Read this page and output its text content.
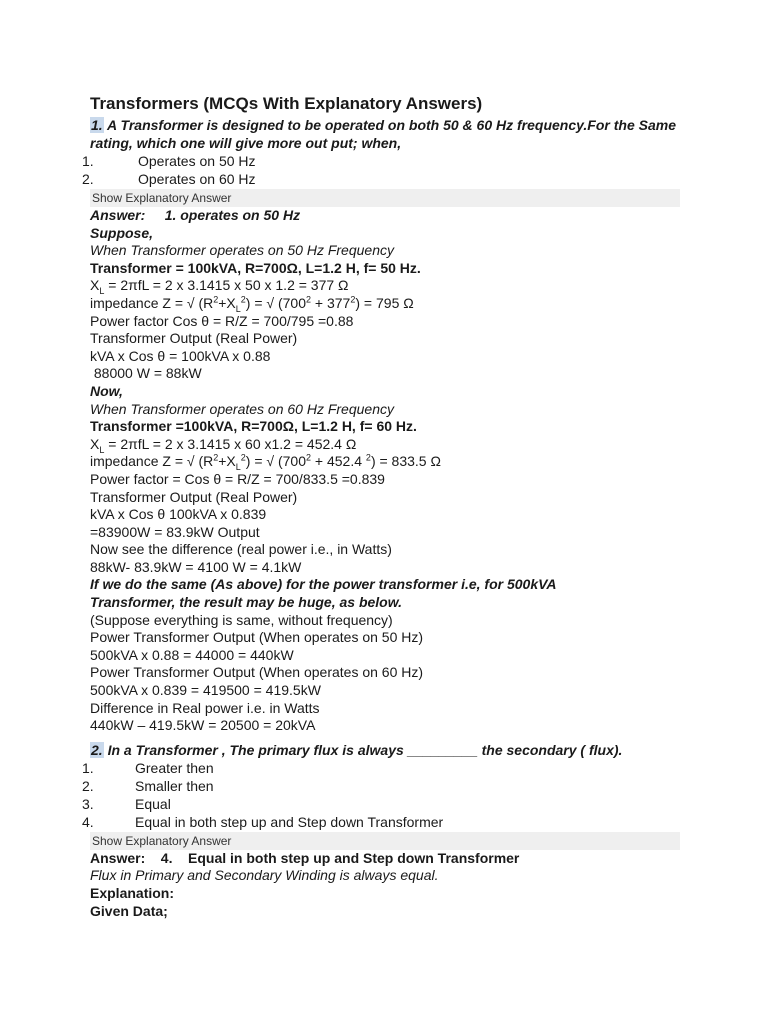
Transformers (MCQs With Explanatory Answers)
1. A Transformer is designed to be operated on both 50 & 60 Hz frequency.For the Same rating, which one will give more out put; when,
1.	Operates on 50 Hz
2.	Operates on 60 Hz
Show Explanatory Answer
Answer: 1. operates on 50 Hz
Suppose,
When Transformer operates on 50 Hz Frequency
Transformer = 100kVA, R=700Ω, L=1.2 H, f= 50 Hz.
$X_L = 2\pi fL = 2$ x 3.1415 x 50 x 1.2 = 377 Ω
impedance Z = √ $(R^2+X_L^2)$ = √ $(700^2 + 377^2) = 795$ Ω
Power factor Cos θ = R/Z = 700/795 =0.88
Transformer Output (Real Power)
kVA x Cos θ = 100kVA x 0.88
88000 W = 88kW
Now,
When Transformer operates on 60 Hz Frequency
Transformer =100kVA, R=700Ω, L=1.2 H, f= 60 Hz.
$X_L = 2\pi fL = 2$ x 3.1415 x 60 x1.2 = 452.4 Ω
impedance Z = √ $(R^2+X_L^2)$ = √ ($700^2 + 452.4$ $^2$) = 833.5 Ω
Power factor = Cos θ = R/Z = 700/833.5 =0.839
Transformer Output (Real Power)
kVA x Cos θ 100kVA x 0.839
=83900W = 83.9kW Output
Now see the difference (real power i.e., in Watts)
88kW- 83.9kW = 4100 W = 4.1kW
If we do the same (As above) for the power transformer i.e, for 500kVA
Transformer, the result may be huge, as below.
(Suppose everything is same, without frequency)
Power Transformer Output (When operates on 50 Hz)
500kVA x 0.88 = 44000 = 440kW
Power Transformer Output (When operates on 60 Hz)
500kVA x 0.839 = 419500 = 419.5kW
Difference in Real power i.e. in Watts
440kW – 419.5kW = 20500 = 20kVA
2. In a Transformer , The primary flux is always _________ the secondary ( flux).
1.	Greater then
2.	Smaller then
3.	Equal
4.	Equal in both step up and Step down Transformer
Show Explanatory Answer
Answer: 4.    Equal in both step up and Step down Transformer
Flux in Primary and Secondary Winding is always equal.
Explanation:
Given Data;
